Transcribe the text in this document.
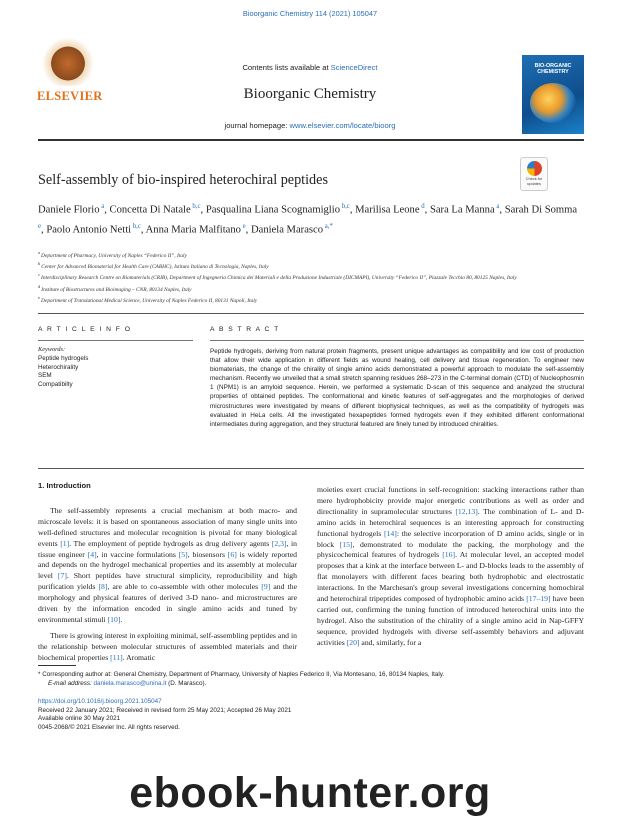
Bioorganic Chemistry 114 (2021) 105047
ELSEVIER
Contents lists available at ScienceDirect
Bioorganic Chemistry
journal homepage: www.elsevier.com/locate/bioorg
BIO-ORGANIC CHEMISTRY
Self-assembly of bio-inspired heterochiral peptides	Check for updates
Daniele Florio $^a$, Concetta Di Natale $^{b,c}$, Pasqualina Liana Scognamiglio $^{b,c}$, Marilisa Leone $^d$, Sara La Manna $^a$, Sarah Di Somma $^e$, Paolo Antonio Netti $^{b,c}$, Anna Maria Malfitano $^e$, Daniela Marasco $^{a,*}$
$^a$ Department of Pharmacy, University of Naples “Federico II”, Italy
$^b$ Center for Advanced Biomaterial for Health Care (CABHC), Istituto Italiano di Tecnologia, Naples, Italy
$^c$ Interdisciplinary Research Centre on Biomaterials (CRIB), Department of Ingegneria Chimica dei Materiali e della Produzione Industriale (DICMAPI), University “Federico II”, Piazzale Tecchio 80, 80125 Naples, Italy
$^d$ Institute of Biostructures and Bioimaging – CNR, 80134 Naples, Italy
$^e$ Department of Translational Medical Science, University of Naples Federico II, 80131 Napoli, Italy
A R T I C L E I N F O
Keywords:
Peptide hydrogels
Heterochirality
SEM
Compatibilty
A B S T R A C T
Peptide hydrogels, deriving from natural protein fragments, present unique advantages as compatibility and low cost of production that allow their wide application in different fields as wound healing, cell delivery and tissue regeneration. To engineer new biomaterials, the change of the chirality of single amino acids demonstrated a powerful approach to modulate the self-assembly mechanism. Recently we unveiled that a small stretch spanning residues 268–273 in the C-terminal domain (CTD) of Nucleophosmin 1 (NPM1) is an amyloid sequence. Herein, we performed a systematic D-scan of this sequence and analyzed the structural properties of obtained peptides. The conformational and kinetic features of self-aggregates and the morphologies of derived microstructures were investigated by means of different biophysical techniques, as well as the compatibility of hydrogels was evaluated in HeLa cells. All the investigated hexapeptides formed hydrogels even if they exhibited different conformational intermediates during aggregation, and they structural featured are finely tuned by introduced chiralities.
1. Introduction

The self-assembly represents a crucial mechanism at both macro- and microscale levels: it is based on spontaneous association of many single units into well-defined structures and molecular recognition is pivotal for many biological events [1]. The employment of peptide hydrogels as drug delivery agents [2,3], in tissue engineer [4], in vaccine formulations [5], biosensors [6] is widely reported and depends on the hydrogel mechanical properties and its assembly at molecular level [7]. Short peptides have structural simplicity, reproducibility and high purification yields [8], are able to co-assemble with other molecules [9] and the morphology and physical features of derived 3-D nano- and microstructures are driven by the information encoded in single amino acids and tuned by environmental stimuli [10].

There is growing interest in exploiting minimal, self-assembling peptides and in the relationship between molecular structures of assembled materials and their biochemical properties [11]. Aromatic

moieties exert crucial functions in self-recognition: stacking interactions rather than mere hydrophobicity provide major energetic contributions as well as order and directionality in supramolecular structures [12,13]. The combination of L- and D-amino acids in heterochiral sequences is an interesting approach for constructing functional hydrogels [14]: the selective incorporation of D amino acids, single or in block [15], demonstrated to modulate the packing, the morphology and the physicochemical features of hydrogels [16]. At molecular level, an accepted model proposes that a kink at the interface between L- and D-blocks leads to the assembly of flat monolayers with different faces bearing both hydrophobic and electrostatic interactions. In the Marchesan's group several investigations concerning homochiral and heterochiral tripeptides composed of hydrophobic amino acids [17–19] have been carried out, confirming the tuning function of introduced heterochiral units into the hydrogel. Also the substitution of the chirality of a single amino acid in Nap-GFFY sequence, provided hydrogels with diverse self-assembly behaviors and adjuvant activities [20] and, similarly, for a

* Corresponding author at: General Chemistry, Department of Pharmacy, University of Naples Federico II, Via Montesano, 16, 80134 Naples, Italy.
E-mail address: daniela.marasco@unina.it (D. Marasco).
https://doi.org/10.1016/j.bioorg.2021.105047
Received 22 January 2021; Received in revised form 25 May 2021; Accepted 26 May 2021
Available online 30 May 2021
0045-2068/© 2021 Elsevier Inc. All rights reserved.
ebook-hunter.org
